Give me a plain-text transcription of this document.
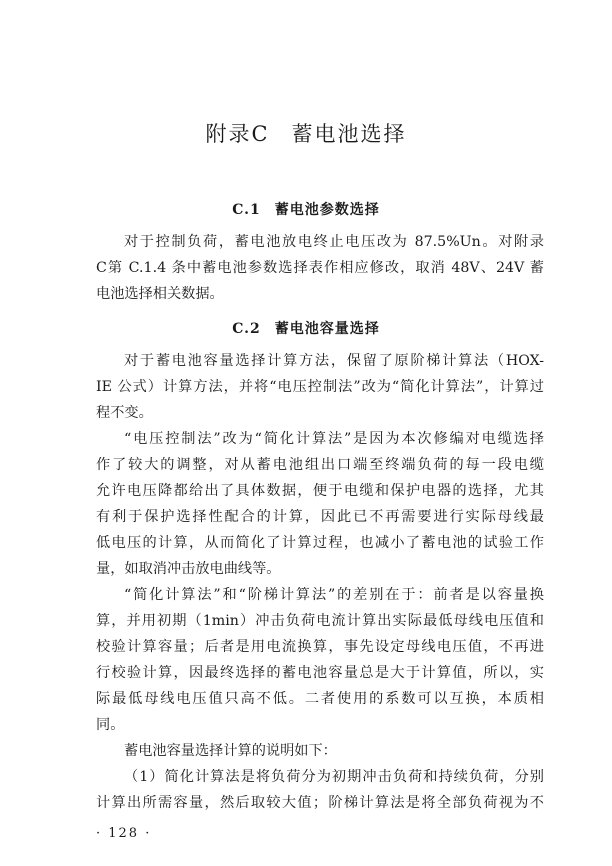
附录C 蓄电池选择
C.1 蓄电池参数选择
对于控制负荷，蓄电池放电终止电压改为 87.5%Un。对附录
C第 C.1.4 条中蓄电池参数选择表作相应修改，取消 48V、24V 蓄
电池选择相关数据。
C.2 蓄电池容量选择
对于蓄电池容量选择计算方法，保留了原阶梯计算法（HOX-
IE 公式）计算方法，并将“电压控制法”改为“简化计算法”，计算过
程不变。
“电压控制法”改为“简化计算法”是因为本次修编对电缆选择
作了较大的调整，对从蓄电池组出口端至终端负荷的每一段电缆
允许电压降都给出了具体数据，便于电缆和保护电器的选择，尤其
有利于保护选择性配合的计算，因此已不再需要进行实际母线最
低电压的计算，从而简化了计算过程，也减小了蓄电池的试验工作
量，如取消冲击放电曲线等。
“简化计算法”和“阶梯计算法”的差别在于：前者是以容量换
算，并用初期（1min）冲击负荷电流计算出实际最低母线电压值和
校验计算容量；后者是用电流换算，事先设定母线电压值，不再进
行校验计算，因最终选择的蓄电池容量总是大于计算值，所以，实
际最低母线电压值只高不低。二者使用的系数可以互换，本质相
同。
蓄电池容量选择计算的说明如下：
（1）简化计算法是将负荷分为初期冲击负荷和持续负荷，分别
计算出所需容量，然后取较大值；阶梯计算法是将全部负荷视为不
· 128 ·
